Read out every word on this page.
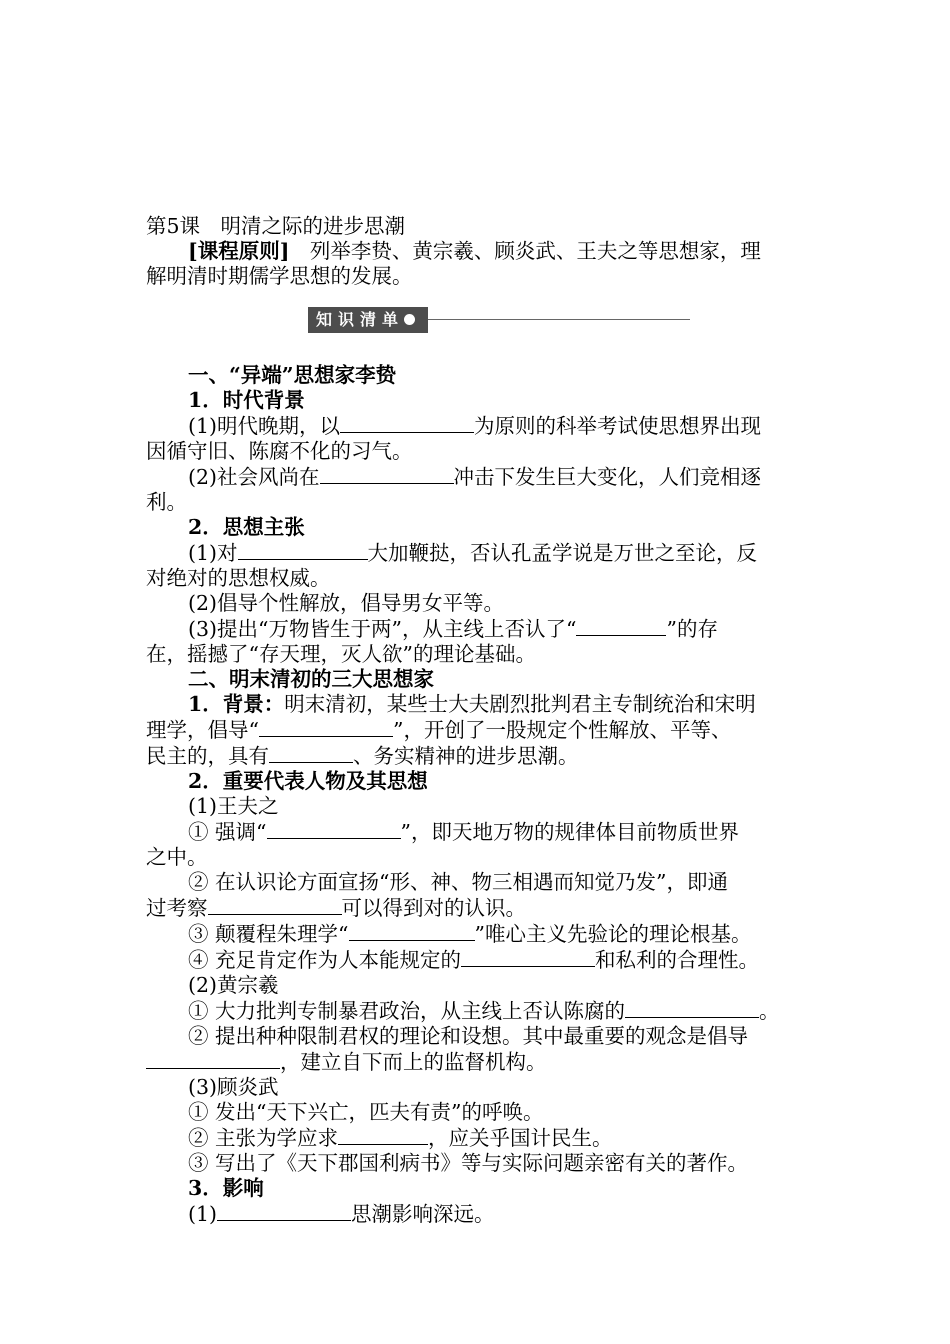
第5课　明清之际的进步思潮
[课程原则]　列举李贽、黄宗羲、顾炎武、王夫之等思想家，理
解明清时期儒学思想的发展。
知识清单
一、“异端”思想家李贽
1．时代背景
(1)明代晚期，以	为原则的科举考试使思想界出现
因循守旧、陈腐不化的习气。
(2)社会风尚在	冲击下发生巨大变化，人们竞相逐
利。
2．思想主张
(1)对	大加鞭挞，否认孔孟学说是万世之至论，反
对绝对的思想权威。
(2)倡导个性解放，倡导男女平等。
(3)提出“万物皆生于两”，从主线上否认了“	”的存
在，摇撼了“存天理，灭人欲”的理论基础。
二、明末清初的三大思想家
1．背景：明末清初，某些士大夫剧烈批判君主专制统治和宋明
理学，倡导“	”，开创了一股规定个性解放、平等、
民主的，具有	、务实精神的进步思潮。
2．重要代表人物及其思想
(1)王夫之
① 强调“	”，即天地万物的规律体目前物质世界
之中。
② 在认识论方面宣扬“形、神、物三相遇而知觉乃发”，即通
过考察	可以得到对的认识。
③ 颠覆程朱理学“	”唯心主义先验论的理论根基。
④ 充足肯定作为人本能规定的	和私利的合理性。
(2)黄宗羲
① 大力批判专制暴君政治，从主线上否认陈腐的	。
② 提出种种限制君权的理论和设想。其中最重要的观念是倡导
，建立自下而上的监督机构。
(3)顾炎武
① 发出“天下兴亡，匹夫有责”的呼唤。
② 主张为学应求	，应关乎国计民生。
③ 写出了《天下郡国利病书》等与实际问题亲密有关的著作。
3．影响
(1)	思潮影响深远。
